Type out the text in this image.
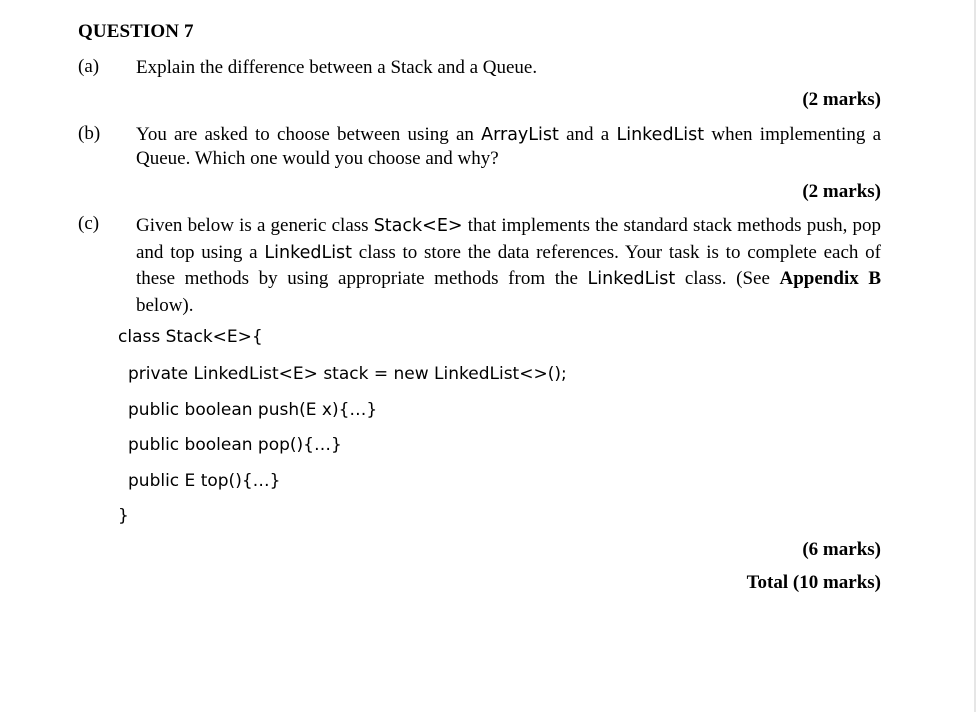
QUESTION 7
(a) Explain the difference between a Stack and a Queue.
(2 marks)
(b) You are asked to choose between using an ArrayList and a LinkedList when implementing a Queue. Which one would you choose and why?
(2 marks)
(c) Given below is a generic class Stack<E> that implements the standard stack methods push, pop and top using a LinkedList class to store the data references. Your task is to complete each of these methods by using appropriate methods from the LinkedList class. (See Appendix B below).
class Stack<E>{
private LinkedList<E> stack = new LinkedList<>();
public boolean push(E x){…}
public boolean pop(){…}
public E top(){…}
}
(6 marks)
Total (10 marks)
